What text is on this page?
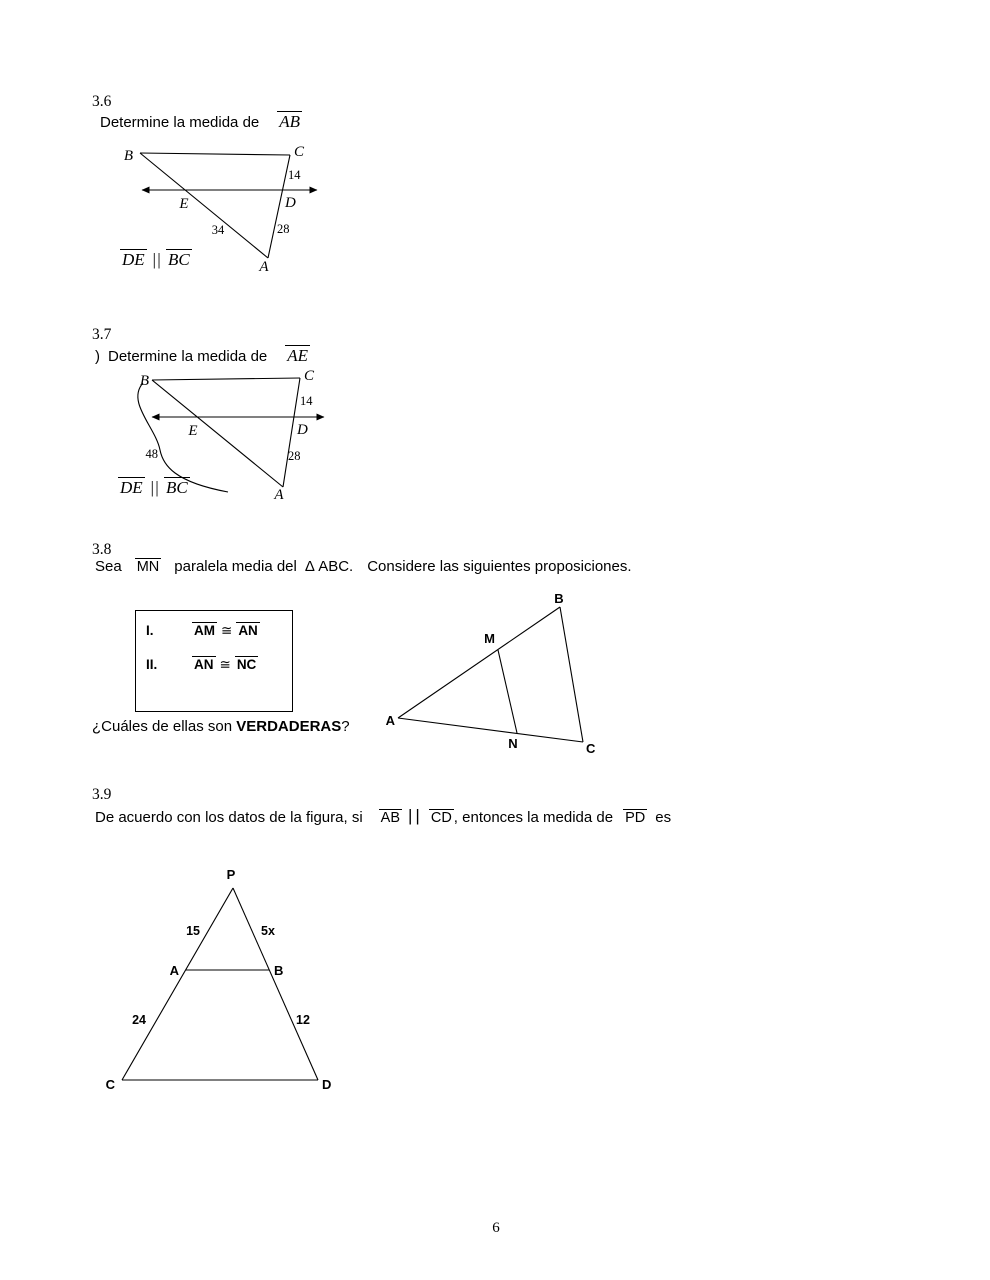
3.6
Determine la medida de AB
B	C
E	D
A
14
28
34
DE || BC
3.7
) Determine la medida de AE
B	C
E	D
A
14
28
48
DE || BC
3.8
Sea MN paralela media del Δ ABC. Considere las siguientes proposiciones.
I.	AM ≅ AN
II.	AN ≅ NC
B
A
C
M
N
¿Cuáles de ellas son VERDADERAS?
3.9
De acuerdo con los datos de la figura, si AB || CD , entonces la medida de PD es
P
C	D
A	B
15	5x
24	12
6
